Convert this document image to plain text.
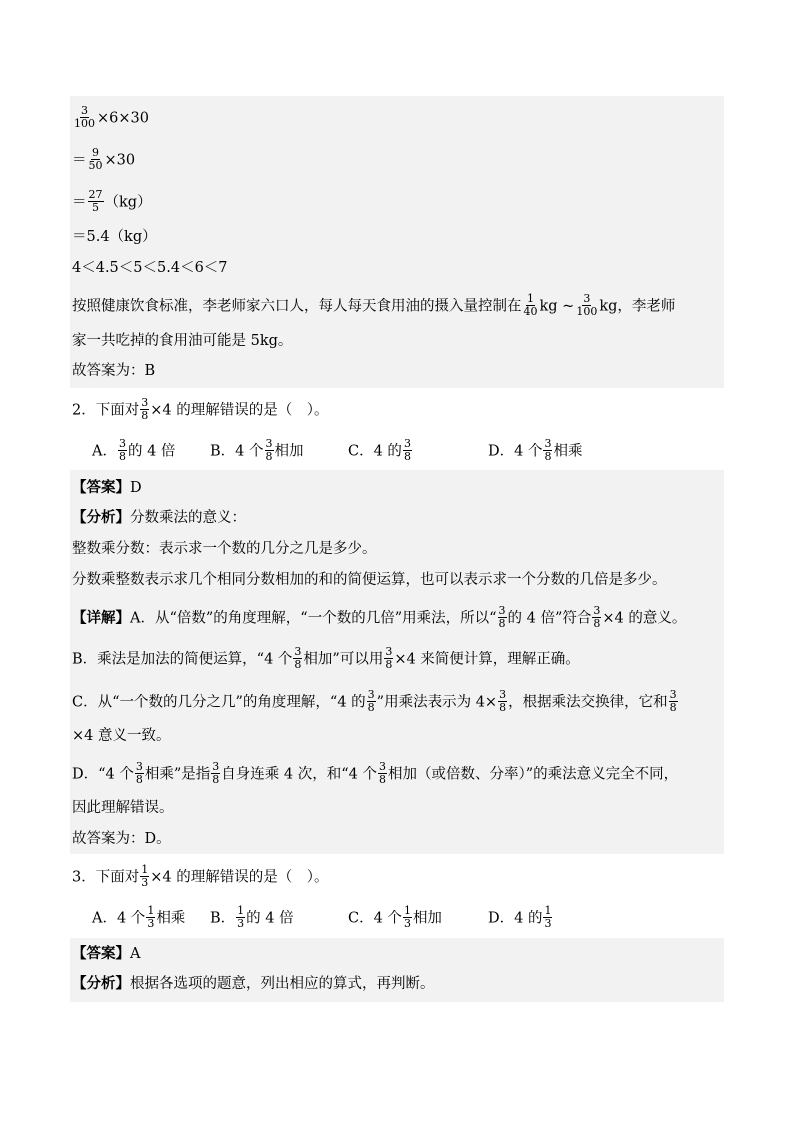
$\frac{3}{100} \times 6\times 30$
＝ $\frac{9}{50} \times 30$
＝ $\frac{27}{5} (kg)$
＝5.4（kg）
4＜4.5＜5＜5.4＜6＜7
按照健康饮食标准，李老师家六口人，每人每天食用油的摄入量控制在 $\frac{1}{40}$ kg ~ $\frac{3}{100}$ kg，李老师
家一共吃掉的食用油可能是 5kg。
故答案为：B
2．下面对 $\frac{3}{8} \times 4$ 的理解错误的是（　）。
A． $\frac{3}{8}$ 的 4 倍 B．4 个 $\frac{3}{8}$ 相加	C．4 的 $\frac{3}{8}$	D．4 个 $\frac{3}{8}$ 相乘
【答案】D
【分析】分数乘法的意义：
整数乘分数：表示求一个数的几分之几是多少。
分数乘整数表示求几个相同分数相加的和的简便运算，也可以表示求一个分数的几倍是多少。
【详解】A．从“倍数”的角度理解，“一个数的几倍”用乘法，所以“ $\frac{3}{8}$ 的 4 倍”符合 $\frac{3}{8} \times 4$ 的意义。
B．乘法是加法的简便运算，“4 个 $\frac{3}{8}$ 相加”可以用 $\frac{3}{8} \times 4$ 来简便计算，理解正确。
C．从“一个数的几分之几”的角度理解，“4 的 $\frac{3}{8}$ ”用乘法表示为 $4\times \frac{3}{8}$ ，根据乘法交换律，它和 $\frac{3}{8}$
×4 意义一致。
D．“4 个 $\frac{3}{8}$ 相乘”是指 $\frac{3}{8}$ 自身连乘 4 次，和“4 个 $\frac{3}{8}$ 相加（或倍数、分率）”的乘法意义完全不同，
因此理解错误。
故答案为：D。
3．下面对 $\frac{1}{3} \times 4$ 的理解错误的是（　）。
A．4 个 $\frac{1}{3}$ 相乘 B． $\frac{1}{3}$ 的 4 倍	C．4 个 $\frac{1}{3}$ 相加	D．4 的 $\frac{1}{3}$
【答案】A
【分析】根据各选项的题意，列出相应的算式，再判断。
